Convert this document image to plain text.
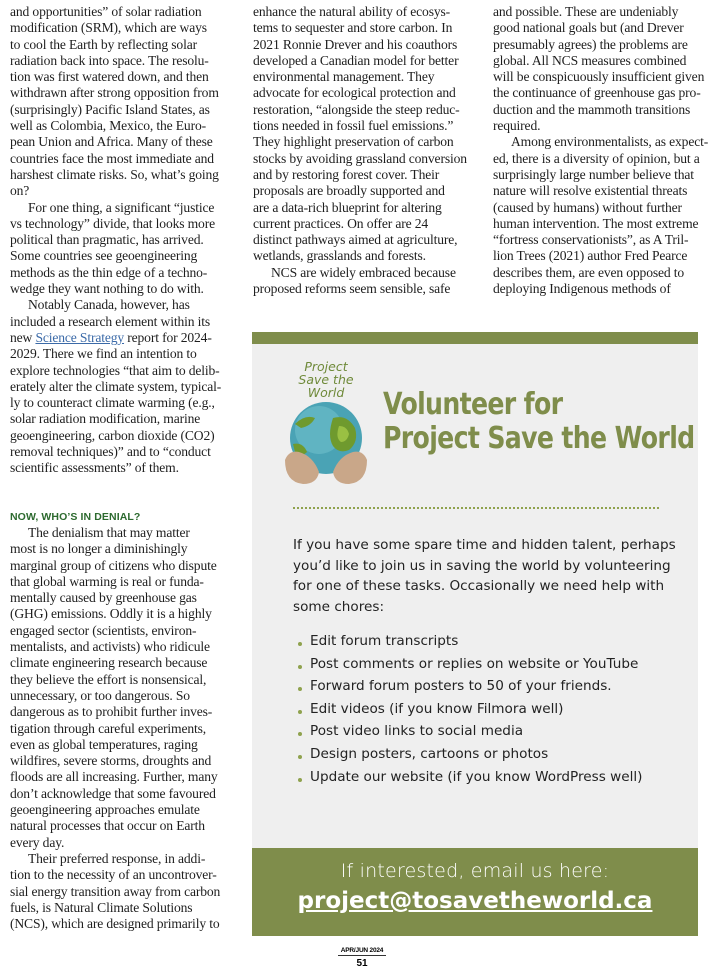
and opportunities” of solar radiation
modification (SRM), which are ways
to cool the Earth by reflecting solar
radiation back into space. The resolu-
tion was first watered down, and then
withdrawn after strong opposition from
(surprisingly) Pacific Island States, as
well as Colombia, Mexico, the Euro-
pean Union and Africa. Many of these
countries face the most immediate and
harshest climate risks. So, what’s going
on?
For one thing, a significant “justice
vs technology” divide, that looks more
political than pragmatic, has arrived.
Some countries see geoengineering
methods as the thin edge of a techno-
wedge they want nothing to do with.
Notably Canada, however, has
included a research element within its
new Science Strategy report for 2024-
2029. There we find an intention to
explore technologies “that aim to delib-
erately alter the climate system, typical-
ly to counteract climate warming (e.g.,
solar radiation modification, marine
geoengineering, carbon dioxide (CO2)
removal techniques)” and to “conduct
scientific assessments” of them.
NOW, WHO’S IN DENIAL?
The denialism that may matter
most is no longer a diminishingly
marginal group of citizens who dispute
that global warming is real or funda-
mentally caused by greenhouse gas
(GHG) emissions. Oddly it is a highly
engaged sector (scientists, environ-
mentalists, and activists) who ridicule
climate engineering research because
they believe the effort is nonsensical,
unnecessary, or too dangerous. So
dangerous as to prohibit further inves-
tigation through careful experiments,
even as global temperatures, raging
wildfires, severe storms, droughts and
floods are all increasing. Further, many
don’t acknowledge that some favoured
geoengineering approaches emulate
natural processes that occur on Earth
every day.
Their preferred response, in addi-
tion to the necessity of an uncontrover-
sial energy transition away from carbon
fuels, is Natural Climate Solutions
(NCS), which are designed primarily to
enhance the natural ability of ecosys-
tems to sequester and store carbon. In
2021 Ronnie Drever and his coauthors
developed a Canadian model for better
environmental management. They
advocate for ecological protection and
restoration, “alongside the steep reduc-
tions needed in fossil fuel emissions.”
They highlight preservation of carbon
stocks by avoiding grassland conversion
and by restoring forest cover. Their
proposals are broadly supported and
are a data-rich blueprint for altering
current practices. On offer are 24
distinct pathways aimed at agriculture,
wetlands, grasslands and forests.
NCS are widely embraced because
proposed reforms seem sensible, safe
and possible. These are undeniably
good national goals but (and Drever
presumably agrees) the problems are
global. All NCS measures combined
will be conspicuously insufficient given
the continuance of greenhouse gas pro-
duction and the mammoth transitions
required.
Among environmentalists, as expect-
ed, there is a diversity of opinion, but a
surprisingly large number believe that
nature will resolve existential threats
(caused by humans) without further
human intervention. The most extreme
“fortress conservationists”, as A Tril-
lion Trees (2021) author Fred Pearce
describes them, are even opposed to
deploying Indigenous methods of
Project
Save the
World	Volunteer for
Project Save the World
If you have some spare time and hidden talent, perhaps
you’d like to join us in saving the world by volunteering
for one of these tasks. Occasionally we need help with
some chores:
Edit forum transcripts
Post comments or replies on website or YouTube
Forward forum posters to 50 of your friends.
Edit videos (if you know Filmora well)
Post video links to social media
Design posters, cartoons or photos
Update our website (if you know WordPress well)
If interested, email us here:
project@tosavetheworld.ca
APR/JUN 2024
51
